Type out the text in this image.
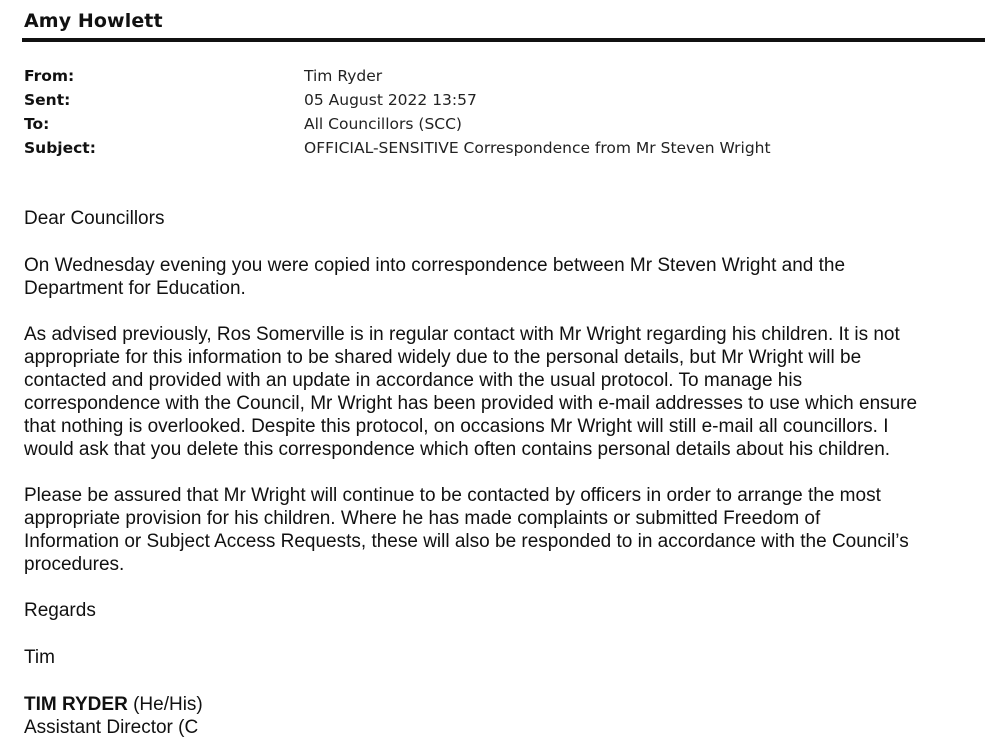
Amy Howlett
From:	Tim Ryder
Sent:	05 August 2022 13:57
To:	All Councillors (SCC)
Subject:	OFFICIAL-SENSITIVE Correspondence from Mr Steven Wright

Dear Councillors

On Wednesday evening you were copied into correspondence between Mr Steven Wright and the
Department for Education.

As advised previously, Ros Somerville is in regular contact with Mr Wright regarding his children. It is not
appropriate for this information to be shared widely due to the personal details, but Mr Wright will be
contacted and provided with an update in accordance with the usual protocol. To manage his
correspondence with the Council, Mr Wright has been provided with e-mail addresses to use which ensure
that nothing is overlooked. Despite this protocol, on occasions Mr Wright will still e-mail all councillors. I
would ask that you delete this correspondence which often contains personal details about his children.

Please be assured that Mr Wright will continue to be contacted by officers in order to arrange the most
appropriate provision for his children. Where he has made complaints or submitted Freedom of
Information or Subject Access Requests, these will also be responded to in accordance with the Council’s
procedures.

Regards

Tim

TIM RYDER (He/His)

Assistant Director (C
